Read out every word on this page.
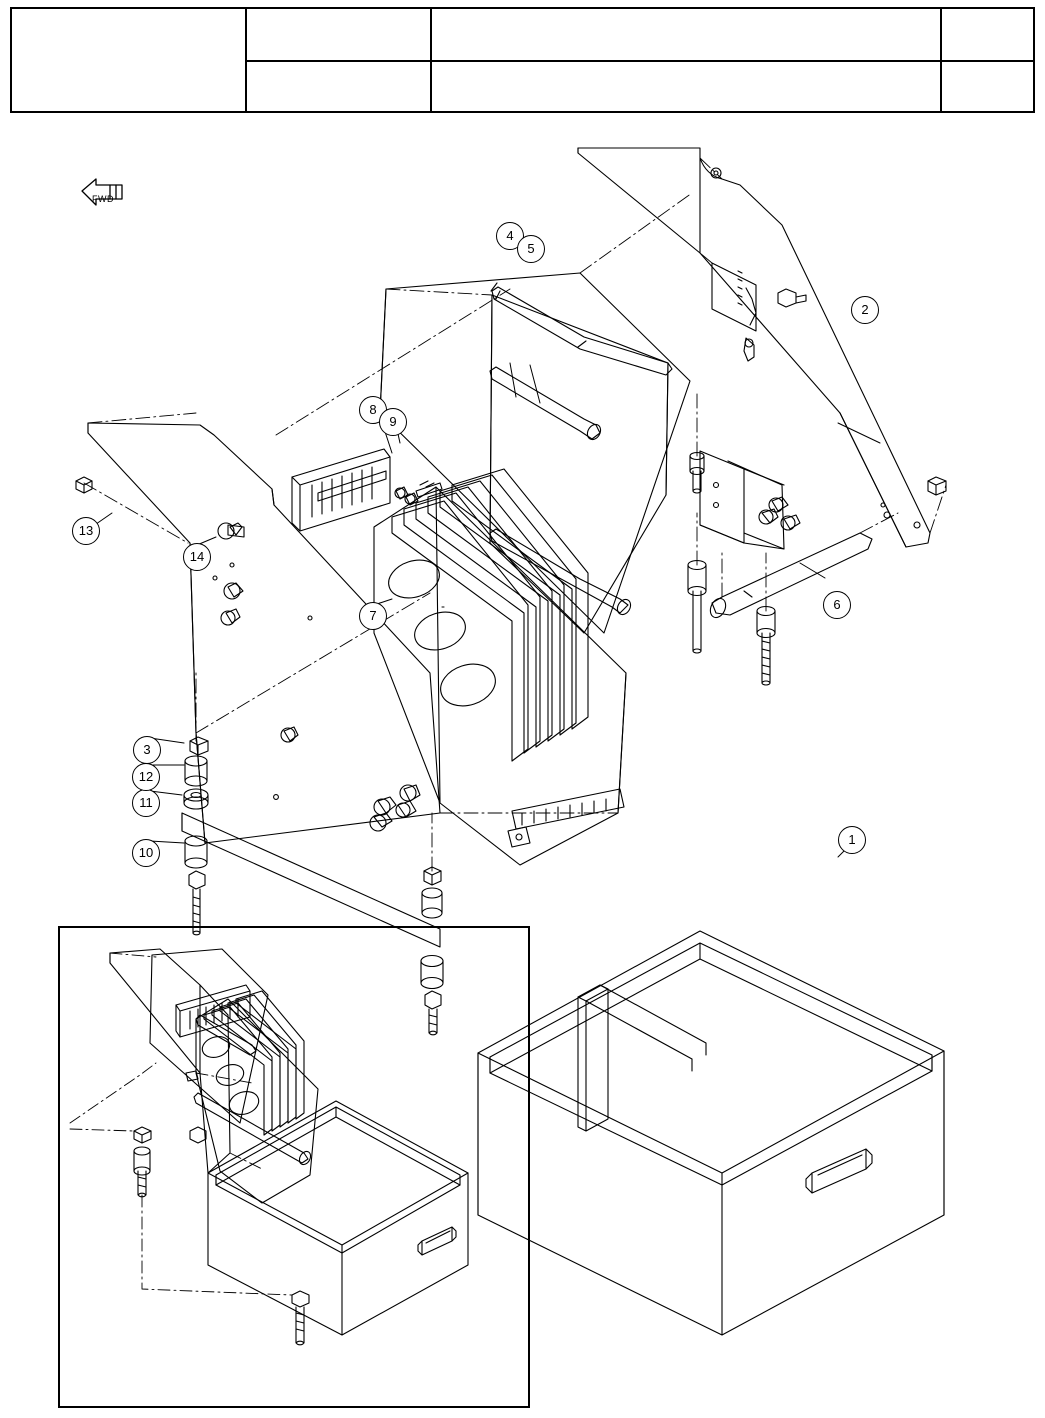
1
2
3
4
5
6
7
8
9
10
11
12
13
14
FWD
